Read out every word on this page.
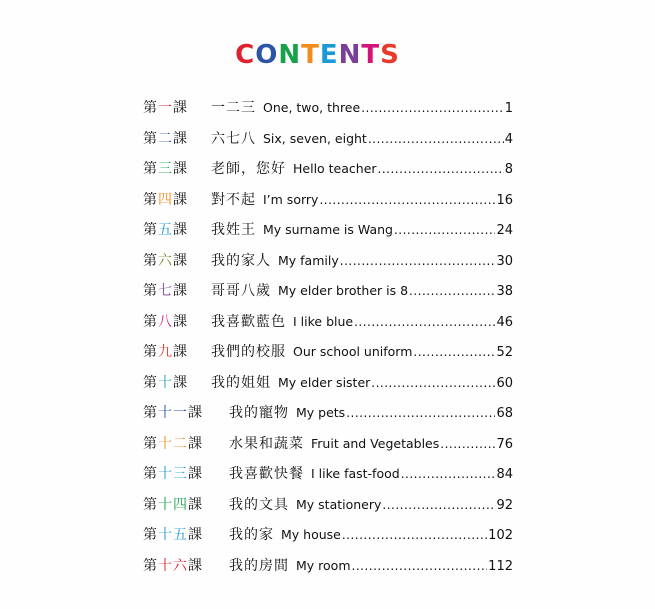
CONTENTS
第一課	一二三 One, two, three .....	1
第二課	六七八 Six, seven, eight .....	4
第三課	老師，您好 Hello teacher .....	8
第四課	對不起 I’m sorry .....	16
第五課	我姓王 My surname is Wang .....	24
第六課	我的家人 My family .....	30
第七課	哥哥八歲 My elder brother is 8 .....	38
第八課	我喜歡藍色 I like blue .....	46
第九課	我們的校服 Our school uniform .....	52
第十課	我的姐姐 My elder sister .....	60
第十一課	我的寵物 My pets .....	68
第十二課	水果和蔬菜 Fruit and Vegetables .....	76
第十三課	我喜歡快餐 I like fast-food .....	84
第十四課	我的文具 My stationery .....	92
第十五課	我的家 My house .....	102
第十六課	我的房間 My room .....	112
